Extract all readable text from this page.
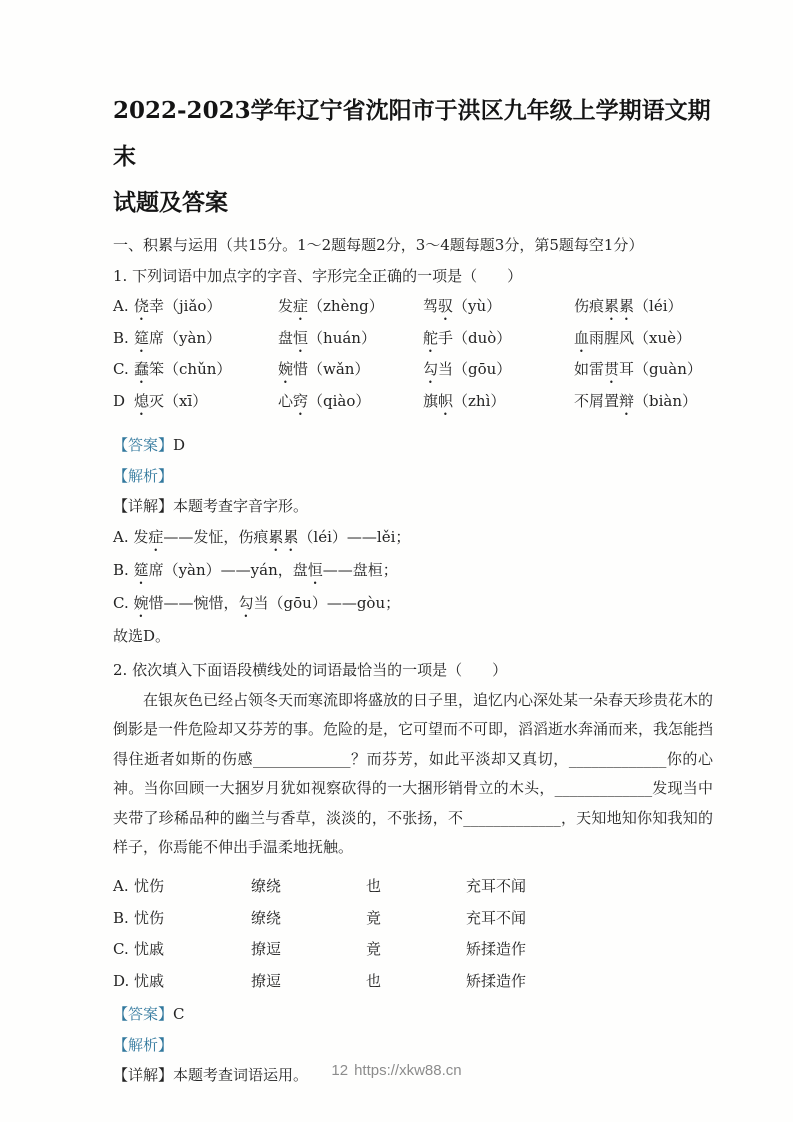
2022-2023学年辽宁省沈阳市于洪区九年级上学期语文期末
试题及答案
一、积累与运用（共15分。1～2题每题2分，3～4题每题3分，第5题每空1分）
1. 下列词语中加点字的字音、字形完全正确的一项是（　　）
A. 侥幸（jiǎo）	发症（zhèng）	驾驭（yù）	伤痕累累（léi）
B. 筵席（yàn）	盘恒（huán）	舵手（duò）	血雨腥风（xuè）
C. 蠢笨（chǔn）	婉惜（wǎn）	勾当（gōu）	如雷贯耳（guàn）
D 熄灭（xī）	心窍（qiào）	旗帜（zhì）	不屑置辩（biàn）
【答案】D
【解析】
【详解】本题考查字音字形。
A. 发症——发怔，伤痕累累（léi）——lěi；
B. 筵席（yàn）——yán，盘恒——盘桓；
C. 婉惜——惋惜，勾当（gōu）——gòu；
故选D。
2. 依次填入下面语段横线处的词语最恰当的一项是（　　）

在银灰色已经占领冬天而寒流即将盛放的日子里，追忆内心深处某一朵春天珍贵花木的倒影是一件危险却又芬芳的事。危险的是，它可望而不可即，滔滔逝水奔涌而来，我怎能挡得住逝者如斯的伤感_____________？而芬芳，如此平淡却又真切，_____________你的心神。当你回顾一大捆岁月犹如视察砍得的一大捆形销骨立的木头，_____________发现当中夹带了珍稀品种的幽兰与香草，淡淡的，不张扬，不_____________，天知地知你知我知的样子，你焉能不伸出手温柔地抚触。

A. 忧伤	缭绕	也	充耳不闻
B. 忧伤	缭绕	竟	充耳不闻
C. 忧戚	撩逗	竟	矫揉造作
D. 忧戚	撩逗	也	矫揉造作
【答案】C
【解析】
【详解】本题考查词语运用。	12 https://xkw88.cn
